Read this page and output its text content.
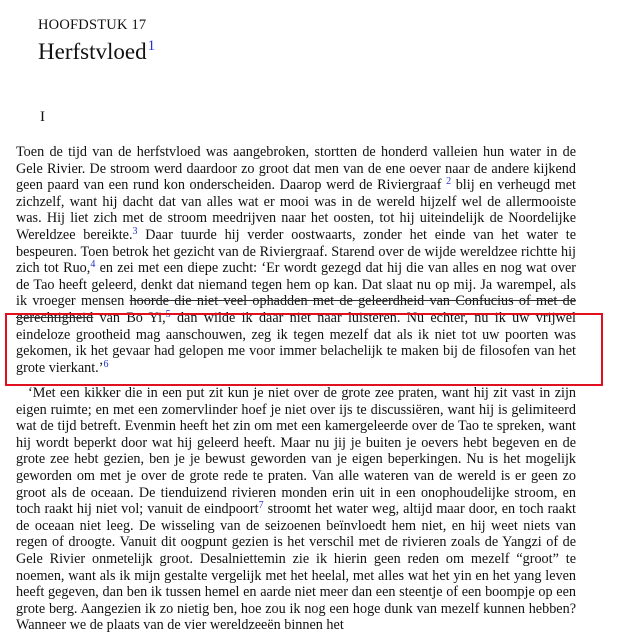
HOOFDSTUK 17
Herfstvloed$^1$
I
Toen de tijd van de herfstvloed was aangebroken, stortten de honderd valleien hun water in de Gele Rivier. De stroom werd daardoor zo groot dat men van de ene oever naar de andere kijkend geen paard van een rund kon onderscheiden. Daarop werd de Riviergraaf $^2$ blij en verheugd met zichzelf, want hij dacht dat van alles wat er mooi was in de wereld hijzelf wel de allermooiste was. Hij liet zich met de stroom meedrijven naar het oosten, tot hij uiteindelijk de Noordelijke Wereldzee bereikte.$^3$ Daar tuurde hij verder oostwaarts, zonder het einde van het water te bespeuren. Toen betrok het gezicht van de Riviergraaf. Starend over de wijde wereldzee richtte hij zich tot Ruo,$^4$ en zei met een diepe zucht: ‘Er wordt gezegd dat hij die van alles en nog wat over de Tao heeft geleerd, denkt dat niemand tegen hem op kan. Dat slaat nu op mij. Ja warempel, als ik vroeger mensen hoorde die niet veel ophadden met de geleerdheid van Confucius of met de gerechtigheid van Bo Yi,$^5$ dan wilde ik daar niet naar luisteren. Nu echter, nu ik uw vrijwel eindeloze grootheid mag aanschouwen, zeg ik tegen mezelf dat als ik niet tot uw poorten was gekomen, ik het gevaar had gelopen me voor immer belachelijk te maken bij de filosofen van het grote vierkant.’$^6$
‘Met een kikker die in een put zit kun je niet over de grote zee praten, want hij zit vast in zijn eigen ruimte; en met een zomervlinder hoef je niet over ijs te discussiëren, want hij is gelimiteerd wat de tijd betreft. Evenmin heeft het zin om met een kamergeleerde over de Tao te spreken, want hij wordt beperkt door wat hij geleerd heeft. Maar nu jij je buiten je oevers hebt begeven en de grote zee hebt gezien, ben je je bewust geworden van je eigen beperkingen. Nu is het mogelijk geworden om met je over de grote rede te praten. Van alle wateren van de wereld is er geen zo groot als de oceaan. De tienduizend rivieren monden erin uit in een onophoudelijke stroom, en toch raakt hij niet vol; vanuit de eindpoort$^7$ stroomt het water weg, altijd maar door, en toch raakt de oceaan niet leeg. De wisseling van de seizoenen beïnvloedt hem niet, en hij weet niets van regen of droogte. Vanuit dit oogpunt gezien is het verschil met de rivieren zoals de Yangzi of de Gele Rivier onmetelijk groot. Desalniettemin zie ik hierin geen reden om mezelf “groot” te noemen, want als ik mijn gestalte vergelijk met het heelal, met alles wat het yin en het yang leven heeft gegeven, dan ben ik tussen hemel en aarde niet meer dan een steentje of een boompje op een grote berg. Aangezien ik zo nietig ben, hoe zou ik nog een hoge dunk van mezelf kunnen hebben? Wanneer we de plaats van de vier wereldzeeën binnen het
